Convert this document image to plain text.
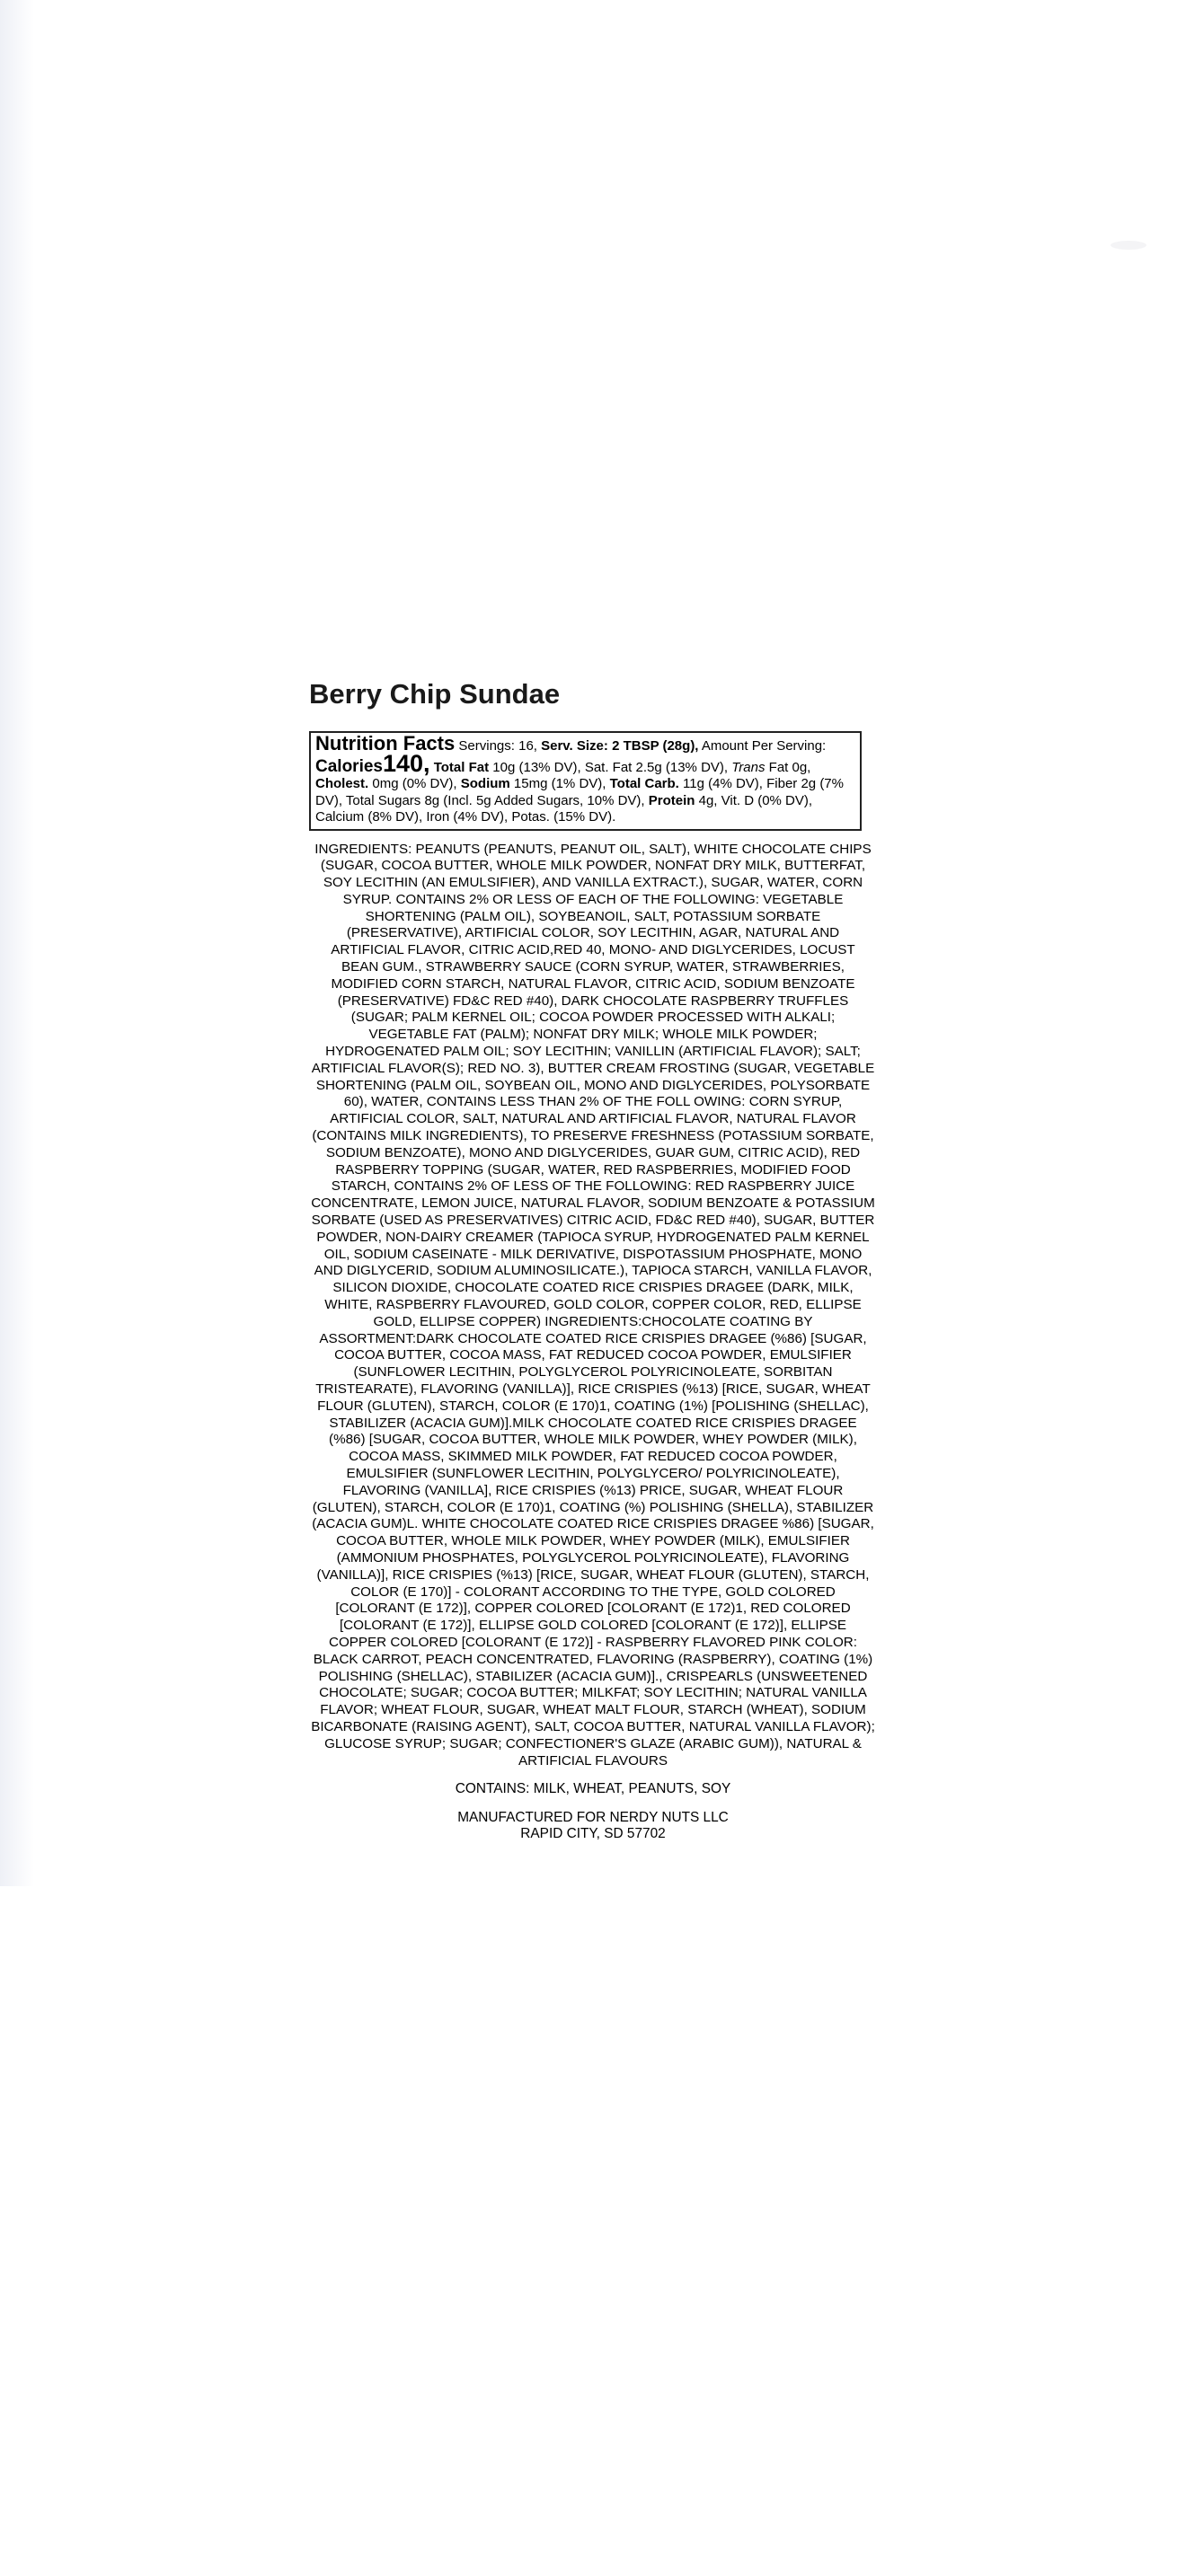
Berry Chip Sundae
Nutrition Facts Servings: 16, Serv. Size: 2 TBSP (28g), Amount Per Serving: Calories140, Total Fat 10g (13% DV), Sat. Fat 2.5g (13% DV), Trans Fat 0g, Cholest. 0mg (0% DV), Sodium 15mg (1% DV), Total Carb. 11g (4% DV), Fiber 2g (7% DV), Total Sugars 8g (Incl. 5g Added Sugars, 10% DV), Protein 4g, Vit. D (0% DV), Calcium (8% DV), Iron (4% DV), Potas. (15% DV).
INGREDIENTS: PEANUTS (PEANUTS, PEANUT OIL, SALT), WHITE CHOCOLATE CHIPS (SUGAR, COCOA BUTTER, WHOLE MILK POWDER, NONFAT DRY MILK, BUTTERFAT, SOY LECITHIN (AN EMULSIFIER), AND VANILLA EXTRACT.), SUGAR, WATER, CORN SYRUP. CONTAINS 2% OR LESS OF EACH OF THE FOLLOWING: VEGETABLE SHORTENING (PALM OIL), SOYBEANOIL, SALT, POTASSIUM SORBATE (PRESERVATIVE), ARTIFICIAL COLOR, SOY LECITHIN, AGAR, NATURAL AND ARTIFICIAL FLAVOR, CITRIC ACID,RED 40, MONO- AND DIGLYCERIDES, LOCUST BEAN GUM., STRAWBERRY SAUCE (CORN SYRUP, WATER, STRAWBERRIES, MODIFIED CORN STARCH, NATURAL FLAVOR, CITRIC ACID, SODIUM BENZOATE (PRESERVATIVE) FD&C RED #40), DARK CHOCOLATE RASPBERRY TRUFFLES (SUGAR; PALM KERNEL OIL; COCOA POWDER PROCESSED WITH ALKALI; VEGETABLE FAT (PALM); NONFAT DRY MILK; WHOLE MILK POWDER; HYDROGENATED PALM OIL; SOY LECITHIN; VANILLIN (ARTIFICIAL FLAVOR); SALT; ARTIFICIAL FLAVOR(S); RED NO. 3), BUTTER CREAM FROSTING (SUGAR, VEGETABLE SHORTENING (PALM OIL, SOYBEAN OIL, MONO AND DIGLYCERIDES, POLYSORBATE 60), WATER, CONTAINS LESS THAN 2% OF THE FOLL OWING: CORN SYRUP, ARTIFICIAL COLOR, SALT, NATURAL AND ARTIFICIAL FLAVOR, NATURAL FLAVOR (CONTAINS MILK INGREDIENTS), TO PRESERVE FRESHNESS (POTASSIUM SORBATE, SODIUM BENZOATE), MONO AND DIGLYCERIDES, GUAR GUM, CITRIC ACID), RED RASPBERRY TOPPING (SUGAR, WATER, RED RASPBERRIES, MODIFIED FOOD STARCH, CONTAINS 2% OF LESS OF THE FOLLOWING: RED RASPBERRY JUICE CONCENTRATE, LEMON JUICE, NATURAL FLAVOR, SODIUM BENZOATE & POTASSIUM SORBATE (USED AS PRESERVATIVES) CITRIC ACID, FD&C RED #40), SUGAR, BUTTER POWDER, NON-DAIRY CREAMER (TAPIOCA SYRUP, HYDROGENATED PALM KERNEL OIL, SODIUM CASEINATE - MILK DERIVATIVE, DISPOTASSIUM PHOSPHATE, MONO AND DIGLYCERID, SODIUM ALUMINOSILICATE.), TAPIOCA STARCH, VANILLA FLAVOR, SILICON DIOXIDE, CHOCOLATE COATED RICE CRISPIES DRAGEE (DARK, MILK, WHITE, RASPBERRY FLAVOURED, GOLD COLOR, COPPER COLOR, RED, ELLIPSE GOLD, ELLIPSE COPPER) INGREDIENTS:CHOCOLATE COATING BY ASSORTMENT:DARK CHOCOLATE COATED RICE CRISPIES DRAGEE (%86) [SUGAR, COCOA BUTTER, COCOA MASS, FAT REDUCED COCOA POWDER, EMULSIFIER (SUNFLOWER LECITHIN, POLYGLYCEROL POLYRICINOLEATE, SORBITAN TRISTEARATE), FLAVORING (VANILLA)], RICE CRISPIES (%13) [RICE, SUGAR, WHEAT FLOUR (GLUTEN), STARCH, COLOR (E 170)1, COATING (1%) [POLISHING (SHELLAC), STABILIZER (ACACIA GUM)].MILK CHOCOLATE COATED RICE CRISPIES DRAGEE (%86) [SUGAR, COCOA BUTTER, WHOLE MILK POWDER, WHEY POWDER (MILK), COCOA MASS, SKIMMED MILK POWDER, FAT REDUCED COCOA POWDER, EMULSIFIER (SUNFLOWER LECITHIN, POLYGLYCERO/ POLYRICINOLEATE), FLAVORING (VANILLA], RICE CRISPIES (%13) PRICE, SUGAR, WHEAT FLOUR (GLUTEN), STARCH, COLOR (E 170)1, COATING (%) POLISHING (SHELLA), STABILIZER (ACACIA GUM)L. WHITE CHOCOLATE COATED RICE CRISPIES DRAGEE %86) [SUGAR, COCOA BUTTER, WHOLE MILK POWDER, WHEY POWDER (MILK), EMULSIFIER (AMMONIUM PHOSPHATES, POLYGLYCEROL POLYRICINOLEATE), FLAVORING (VANILLA)], RICE CRISPIES (%13) [RICE, SUGAR, WHEAT FLOUR (GLUTEN), STARCH, COLOR (E 170)] - COLORANT ACCORDING TO THE TYPE, GOLD COLORED [COLORANT (E 172)], COPPER COLORED [COLORANT (E 172)1, RED COLORED [COLORANT (E 172)], ELLIPSE GOLD COLORED [COLORANT (E 172)], ELLIPSE COPPER COLORED [COLORANT (E 172)] - RASPBERRY FLAVORED PINK COLOR: BLACK CARROT, PEACH CONCENTRATED, FLAVORING (RASPBERRY), COATING (1%) POLISHING (SHELLAC), STABILIZER (ACACIA GUM)]., CRISPEARLS (UNSWEETENED CHOCOLATE; SUGAR; COCOA BUTTER; MILKFAT; SOY LECITHIN; NATURAL VANILLA FLAVOR; WHEAT FLOUR, SUGAR, WHEAT MALT FLOUR, STARCH (WHEAT), SODIUM BICARBONATE (RAISING AGENT), SALT, COCOA BUTTER, NATURAL VANILLA FLAVOR); GLUCOSE SYRUP; SUGAR; CONFECTIONER'S GLAZE (ARABIC GUM)), NATURAL & ARTIFICIAL FLAVOURS
CONTAINS: MILK, WHEAT, PEANUTS, SOY
MANUFACTURED FOR NERDY NUTS LLC
RAPID CITY, SD 57702
